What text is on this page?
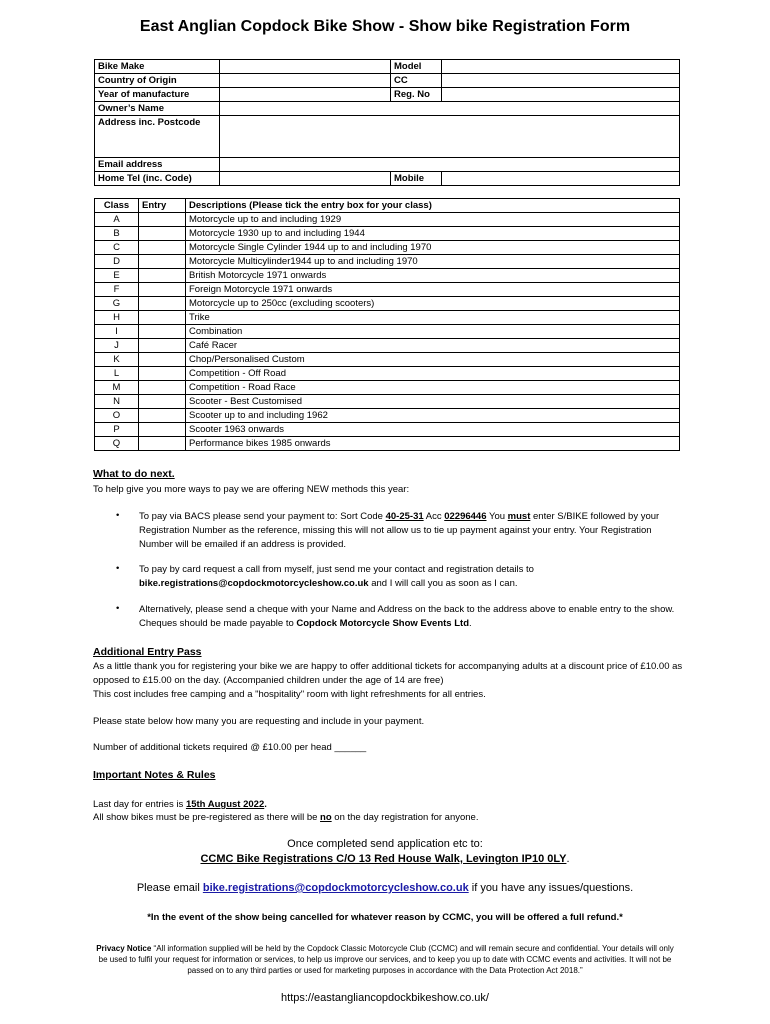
East Anglian Copdock Bike Show - Show bike Registration Form
Bike Make		Model	
Country of Origin		CC	
Year of manufacture		Reg. No	
Owner’s Name			
Address inc. Postcode			
Email address			
Home Tel (inc. Code)		Mobile	
Class	Entry	Descriptions (Please tick the entry box for your class)
A		Motorcycle up to and including 1929
B		Motorcycle 1930 up to and including 1944
C		Motorcycle Single Cylinder 1944 up to and including 1970
D		Motorcycle Multicylinder1944 up to and including 1970
E		British Motorcycle 1971 onwards
F		Foreign Motorcycle 1971 onwards
G		Motorcycle up to 250cc (excluding scooters)
H		Trike
I		Combination
J		Café Racer
K		Chop/Personalised Custom
L		Competition - Off Road
M		Competition - Road Race
N		Scooter - Best Customised
O		Scooter up to and including 1962
P		Scooter 1963 onwards
Q		Performance bikes 1985 onwards
What to do next.
To help give you more ways to pay we are offering NEW methods this year:
• To pay via BACS please send your payment to: Sort Code 40-25-31 Acc 02296446 You must enter S/BIKE followed by your Registration Number as the reference, missing this will not allow us to tie up payment against your entry. Your Registration Number will be emailed if an address is provided.
• To pay by card request a call from myself, just send me your contact and registration details to bike.registrations@copdockmotorcycleshow.co.uk and I will call you as soon as I can.
• Alternatively, please send a cheque with your Name and Address on the back to the address above to enable entry to the show. Cheques should be made payable to Copdock Motorcycle Show Events Ltd.
Additional Entry Pass
As a little thank you for registering your bike we are happy to offer additional tickets for accompanying adults at a discount price of £10.00 as opposed to £15.00 on the day. (Accompanied children under the age of 14 are free)
This cost includes free camping and a "hospitality" room with light refreshments for all entries.
Please state below how many you are requesting and include in your payment.
Number of additional tickets required @ £10.00 per head ______
Important Notes & Rules
Last day for entries is 15th August 2022.
All show bikes must be pre-registered as there will be no on the day registration for anyone.
Once completed send application etc to:
CCMC Bike Registrations C/O 13 Red House Walk, Levington IP10 0LY.
Please email bike.registrations@copdockmotorcycleshow.co.uk if you have any issues/questions.
*In the event of the show being cancelled for whatever reason by CCMC, you will be offered a full refund.*
Privacy Notice “All information supplied will be held by the Copdock Classic Motorcycle Club (CCMC) and will remain secure and confidential. Your details will only be used to fulfil your request for information or services, to help us improve our services, and to keep you up to date with CCMC events and activities. It will not be passed on to any third parties or used for marketing purposes in accordance with the Data Protection Act 2018.”
https://eastangliancopdockbikeshow.co.uk/
